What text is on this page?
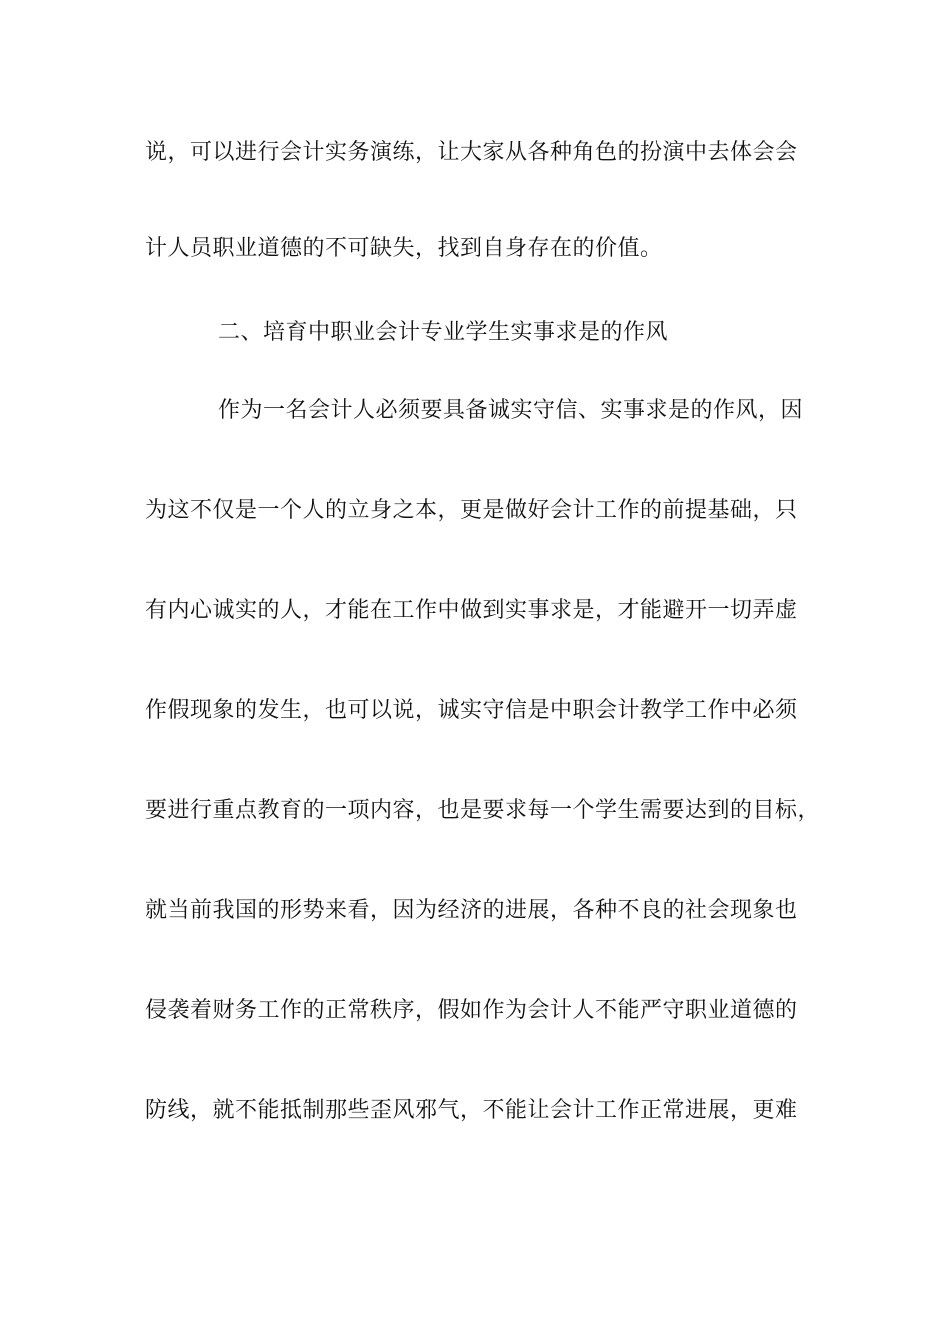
说，可以进行会计实务演练，让大家从各种角色的扮演中去体会会
计人员职业道德的不可缺失，找到自身存在的价值。
二、培育中职业会计专业学生实事求是的作风
作为一名会计人必须要具备诚实守信、实事求是的作风，因
为这不仅是一个人的立身之本，更是做好会计工作的前提基础，只
有内心诚实的人，才能在工作中做到实事求是，才能避开一切弄虚
作假现象的发生，也可以说，诚实守信是中职会计教学工作中必须
要进行重点教育的一项内容，也是要求每一个学生需要达到的目标，
就当前我国的形势来看，因为经济的进展，各种不良的社会现象也
侵袭着财务工作的正常秩序，假如作为会计人不能严守职业道德的
防线，就不能抵制那些歪风邪气，不能让会计工作正常进展，更难
